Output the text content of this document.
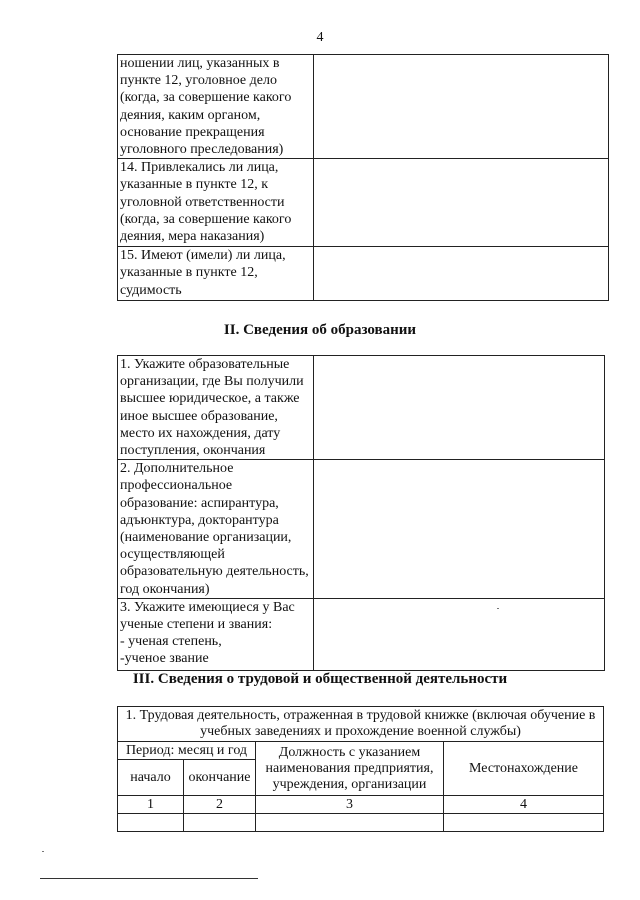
4
ношении лиц, указанных в пункте 12, уголовное дело (когда, за совершение какого деяния, каким органом, основание прекращения уголовного преследования)	
14. Привлекались ли лица, указанные в пункте 12, к уголовной ответственности (когда, за совершение какого деяния, мера наказания)	
15. Имеют (имели) ли лица, указанные в пункте 12, судимость	
II. Сведения об образовании
1. Укажите образовательные организации, где Вы получили высшее юридическое, а также иное высшее образование, место их нахождения, дату поступления, окончания	
2. Дополнительное профессиональное образование: аспирантура, адъюнктура, докторантура (наименование организации, осуществляющей образовательную деятельность, год окончания)	
3. Укажите имеющиеся у Вас ученые степени и звания:
- ученая степень,
-ученое звание	
III. Сведения о трудовой и общественной деятельности
1. Трудовая деятельность, отраженная в трудовой книжке (включая обучение в учебных заведениях и прохождение военной службы)			
Период: месяц и год		Должность с указанием наименования предприятия, учреждения, организации	Местонахождение
начало	окончание		
1	2	3	4
